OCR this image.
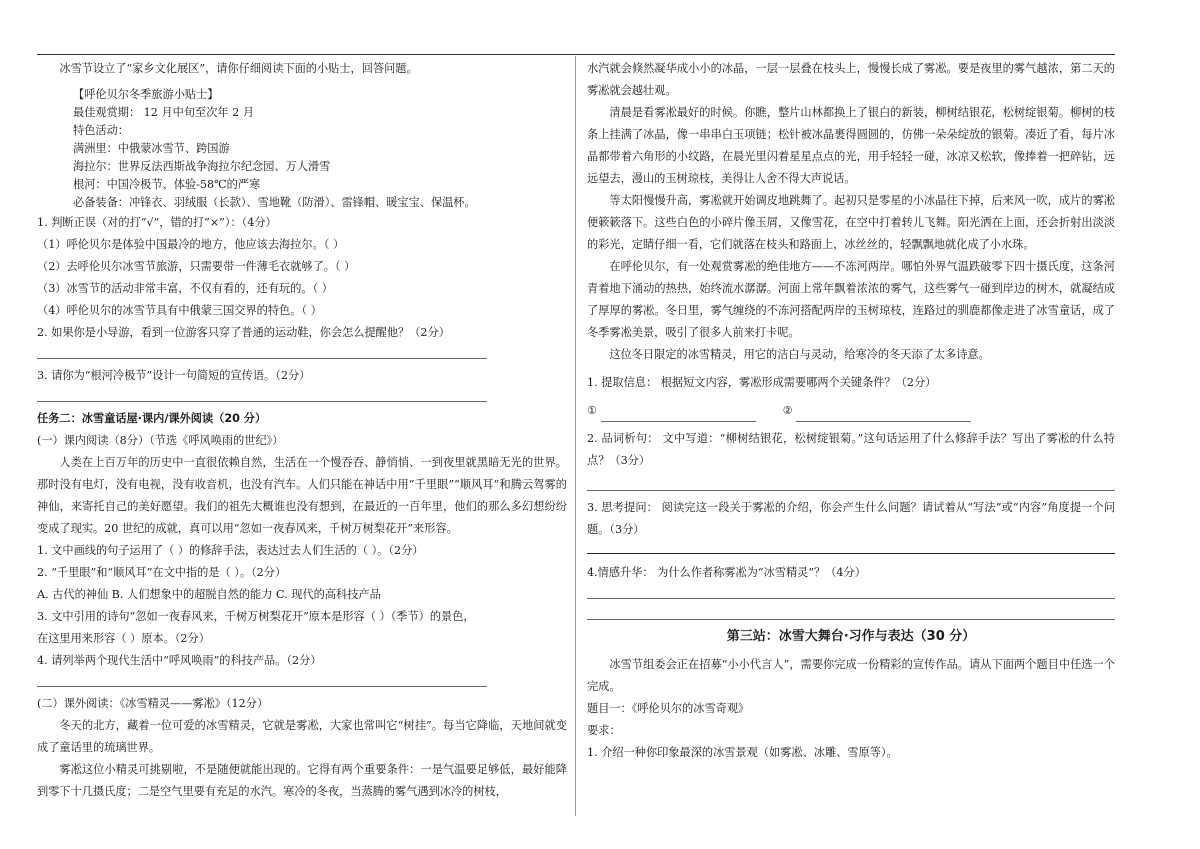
冰雪节设立了“家乡文化展区”，请你仔细阅读下面的小贴士，回答问题。
【呼伦贝尔冬季旅游小贴士】
最佳观赏期： 12 月中旬至次年 2 月
特色活动：
满洲里：中俄蒙冰雪节、跨国游
海拉尔：世界反法西斯战争海拉尔纪念园、万人滑雪
根河：中国冷极节、体验-58℃的严寒
必备装备：冲锋衣、羽绒服（长款）、雪地靴（防滑）、雷锋帽、暖宝宝、保温杯。
1. 判断正误（对的打“√”，错的打“×”）：（4分）
（1）呼伦贝尔是体验中国最冷的地方，他应该去海拉尔。（ ）
（2）去呼伦贝尔冰雪节旅游，只需要带一件薄毛衣就够了。（ ）
（3）冰雪节的活动非常丰富，不仅有看的，还有玩的。（ ）
（4）呼伦贝尔的冰雪节具有中俄蒙三国交界的特色。（ ）
2. 如果你是小导游，看到一位游客只穿了普通的运动鞋，你会怎么提醒他？（2分）
3. 请你为“根河冷极节”设计一句简短的宣传语。（2分）
任务二：冰雪童话屋·课内/课外阅读（20 分）
(一）课内阅读（8分）（节选《呼风唤雨的世纪》）
人类在上百万年的历史中一直很依赖自然，生活在一个慢吞吞、静悄悄、一到夜里就黑暗无光的世界。那时没有电灯，没有电视，没有收音机，也没有汽车。人们只能在神话中用“千里眼”“顺风耳”和腾云驾雾的神仙，来寄托自己的美好愿望。我们的祖先大概谁也没有想到，在最近的一百年里，他们的那么多幻想纷纷变成了现实。20 世纪的成就，真可以用“忽如一夜春风来，千树万树梨花开”来形容。
1. 文中画线的句子运用了（ ）的修辞手法，表达过去人们生活的（ ）。（2分）
2. “千里眼”和“顺风耳”在文中指的是（ ）。（2分）
A. 古代的神仙 B. 人们想象中的超脱自然的能力 C. 现代的高科技产品
3. 文中引用的诗句“忽如一夜春风来，千树万树梨花开”原本是形容（ ）（季节）的景色，
在这里用来形容（ ）原本。（2分）
4. 请列举两个现代生活中“呼风唤雨”的科技产品。（2分）
(二）课外阅读：《冰雪精灵——雾凇》（12分）
冬天的北方，藏着一位可爱的冰雪精灵，它就是雾凇，大家也常叫它“树挂”。每当它降临，天地间就变成了童话里的琉璃世界。
雾凇这位小精灵可挑剔啦，不是随便就能出现的。它得有两个重要条件：一是气温要足够低，最好能降到零下十几摄氏度；二是空气里要有充足的水汽。寒冷的冬夜，当蒸腾的雾气遇到冰冷的树枝，
水汽就会倏然凝华成小小的冰晶，一层一层叠在枝头上，慢慢长成了雾凇。要是夜里的雾气越浓，第二天的雾凇就会越壮观。
清晨是看雾凇最好的时候。你瞧，整片山林都换上了银白的新装，柳树结银花，松树绽银菊。柳树的枝条上挂满了冰晶，像一串串白玉项链；松针被冰晶裹得圆圆的，仿佛一朵朵绽放的银菊。凑近了看，每片冰晶都带着六角形的小纹路，在晨光里闪着星星点点的光，用手轻轻一碰，冰凉又松软，像捧着一把碎钻，远远望去，漫山的玉树琼枝，美得让人舍不得大声说话。
等太阳慢慢升高，雾凇就开始调皮地跳舞了。起初只是零星的小冰晶往下掉，后来风一吹，成片的雾凇便簌簌落下。这些白色的小碎片像玉屑，又像雪花，在空中打着转儿飞舞。阳光洒在上面，还会折射出淡淡的彩光，定睛仔细一看，它们就落在枝头和路面上，冰丝丝的，轻飘飘地就化成了小水珠。
在呼伦贝尔，有一处观赏雾凇的绝佳地方——不冻河两岸。哪怕外界气温跌破零下四十摄氏度，这条河青着地下涌动的热热，始终流水潺潺。河面上常年飘着浓浓的雾气，这些雾气一碰到岸边的树木，就凝结成了厚厚的雾凇。冬日里，雾气缠绕的不冻河搭配两岸的玉树琼枝，连路过的驯鹿都像走进了冰雪童话，成了冬季雾凇美景，吸引了很多人前来打卡呢。
这位冬日限定的冰雪精灵，用它的洁白与灵动，给寒冷的冬天添了太多诗意。
1. 提取信息： 根据短文内容，雾凇形成需要哪两个关键条件？（2分）
①	②
2. 品词析句： 文中写道：“柳树结银花，松树绽银菊。”这句话运用了什么修辞手法？写出了雾凇的什么特点？（3分）
3. 思考提问： 阅读完这一段关于雾凇的介绍，你会产生什么问题？请试着从“写法”或“内容”角度提一个问题。（3分）
4.情感升华： 为什么作者称雾凇为“冰雪精灵”？（4分）
第三站：冰雪大舞台·习作与表达（30 分）
冰雪节组委会正在招募“小小代言人”，需要你完成一份精彩的宣传作品。请从下面两个题目中任选一个完成。
题目一：《呼伦贝尔的冰雪奇观》
要求：
1. 介绍一种你印象最深的冰雪景观（如雾凇、冰雕、雪原等）。
